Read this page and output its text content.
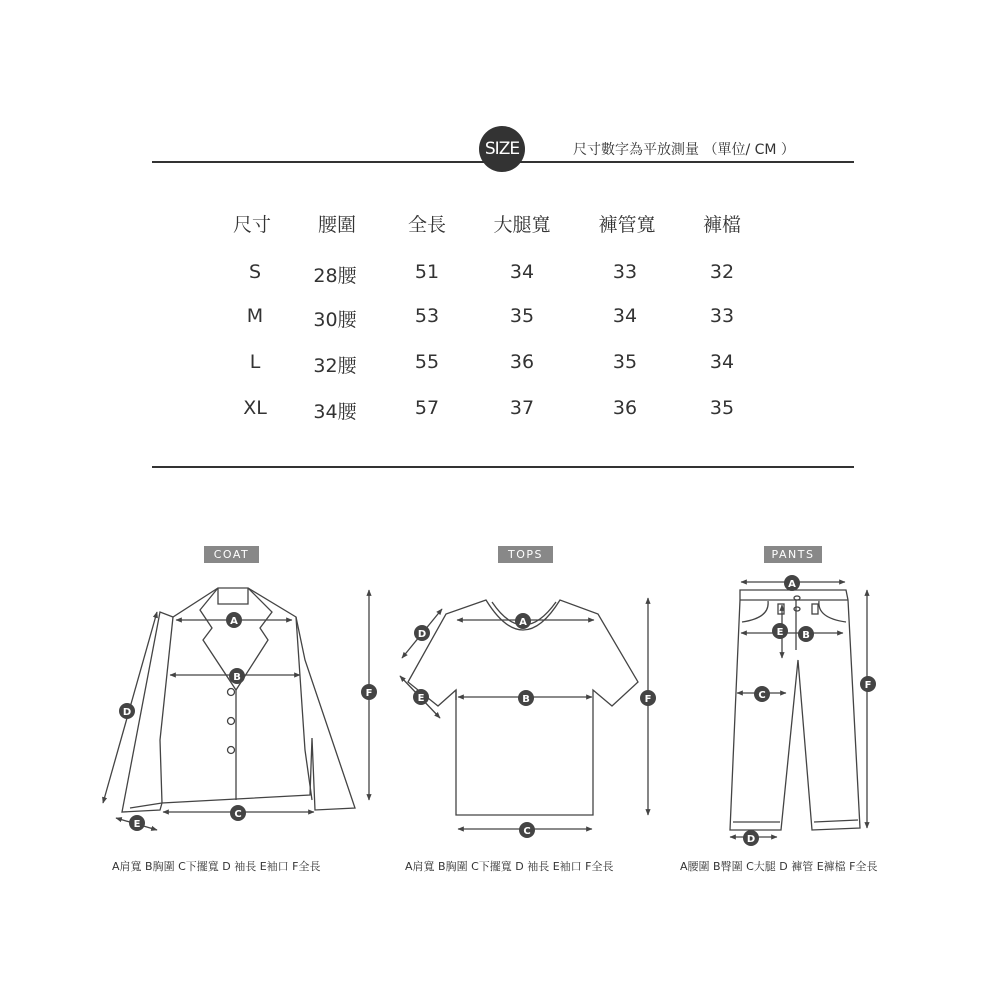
SIZE	尺寸數字為平放測量 （單位/ CM ）
尺寸	腰圍	全長	大腿寬	褲管寬	褲檔
S	28腰	51	34	33	32
M	30腰	53	35	34	33
L	32腰	55	36	35	34
XL	34腰	57	37	36	35
COAT	TOPS	PANTS
A
B
C
D
E
F
A
B
C
D
E	F
A
B
C
D
E
F
A肩寬 B胸圍 C下擺寬 D 袖長 E袖口 F全長	A肩寬 B胸圍 C下擺寬 D 袖長 E袖口 F全長	A腰圍 B臀圍 C大腿 D 褲管 E褲檔 F全長
